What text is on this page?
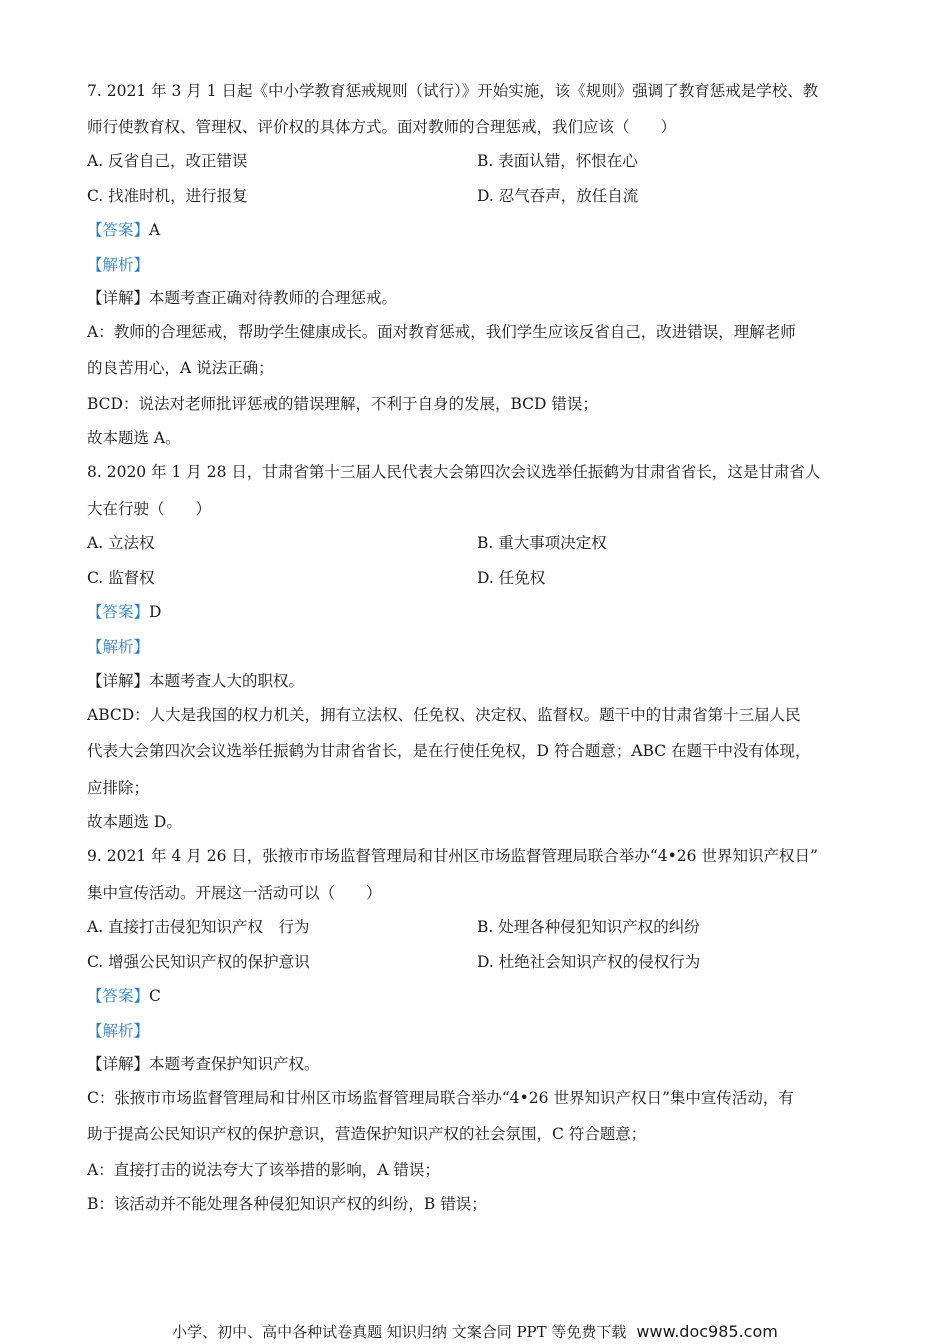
7. 2021 年 3 月 1 日起《中小学教育惩戒规则（试行）》开始实施，该《规则》强调了教育惩戒是学校、教
师行使教育权、管理权、评价权的具体方式。面对教师的合理惩戒，我们应该（　　）
A. 反省自己，改正错误	B. 表面认错，怀恨在心
C. 找准时机，进行报复	D. 忍气吞声，放任自流
【答案】A
【解析】
【详解】本题考查正确对待教师的合理惩戒。
A：教师的合理惩戒，帮助学生健康成长。面对教育惩戒，我们学生应该反省自己，改进错误，理解老师
的良苦用心，A 说法正确；
BCD：说法对老师批评惩戒的错误理解，不利于自身的发展，BCD 错误；
故本题选 A。
8. 2020 年 1 月 28 日，甘肃省第十三届人民代表大会第四次会议选举任振鹤为甘肃省省长，这是甘肃省人
大在行驶（　　）
A. 立法权	B. 重大事项决定权
C. 监督权	D. 任免权
【答案】D
【解析】
【详解】本题考查人大的职权。
ABCD：人大是我国的权力机关，拥有立法权、任免权、决定权、监督权。题干中的甘肃省第十三届人民
代表大会第四次会议选举任振鹤为甘肃省省长，是在行使任免权，D 符合题意；ABC 在题干中没有体现，
应排除；
故本题选 D。
9. 2021 年 4 月 26 日，张掖市市场监督管理局和甘州区市场监督管理局联合举办“4•26 世界知识产权日”
集中宣传活动。开展这一活动可以（　　）
A. 直接打击侵犯知识产权　行为	B. 处理各种侵犯知识产权的纠纷
C. 增强公民知识产权的保护意识	D. 杜绝社会知识产权的侵权行为
【答案】C
【解析】
【详解】本题考查保护知识产权。
C：张掖市市场监督管理局和甘州区市场监督管理局联合举办“4•26 世界知识产权日”集中宣传活动，有
助于提高公民知识产权的保护意识，营造保护知识产权的社会氛围，C 符合题意；
A：直接打击的说法夸大了该举措的影响，A 错误；
B：该活动并不能处理各种侵犯知识产权的纠纷，B 错误；
小学、初中、高中各种试卷真题 知识归纳 文案合同 PPT 等免费下载 www.doc985.com
